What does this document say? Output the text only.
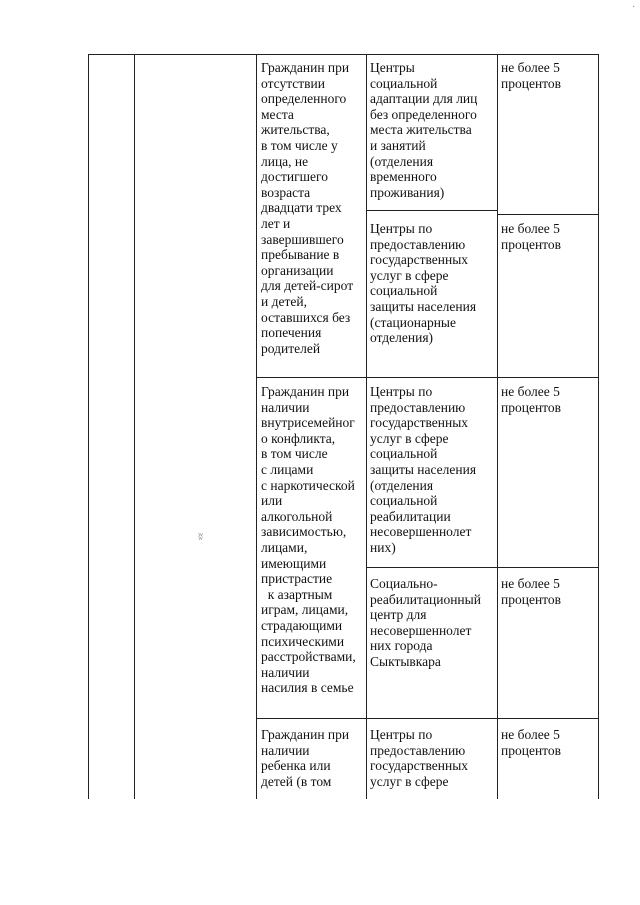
Гражданин при
отсутствии
определенного
места
жительства,
в том числе у
лица, не
достигшего
возраста
двадцати трех
лет и
завершившего
пребывание в
организации
для детей-сирот
и детей,
оставшихся без
попечения
родителей
Центры
социальной
адаптации для лиц
без определенного
места жительства
и занятий
(отделения
временного
проживания)
не более 5
процентов
Центры по
предоставлению
государственных
услуг в сфере
социальной
защиты населения
(стационарные
отделения)
не более 5
процентов
Гражданин при
наличии
внутрисемейног
о конфликта,
в том числе
с лицами
с наркотической
или
алкогольной
зависимостью,
лицами,
имеющими
пристрастие
к азартным
играм, лицами,
страдающими
психическими
расстройствами,
наличии
насилия в семье
Центры по
предоставлению
государственных
услуг в сфере
социальной
защиты населения
(отделения
социальной
реабилитации
несовершеннолет
них)
не более 5
процентов
Социально-
реабилитационный
центр для
несовершеннолет
них города
Сыктывкара
не более 5
процентов
Гражданин при
наличии
ребенка или
детей (в том
Центры по
предоставлению
государственных
услуг в сфере
не более 5
процентов
ʬ
·
